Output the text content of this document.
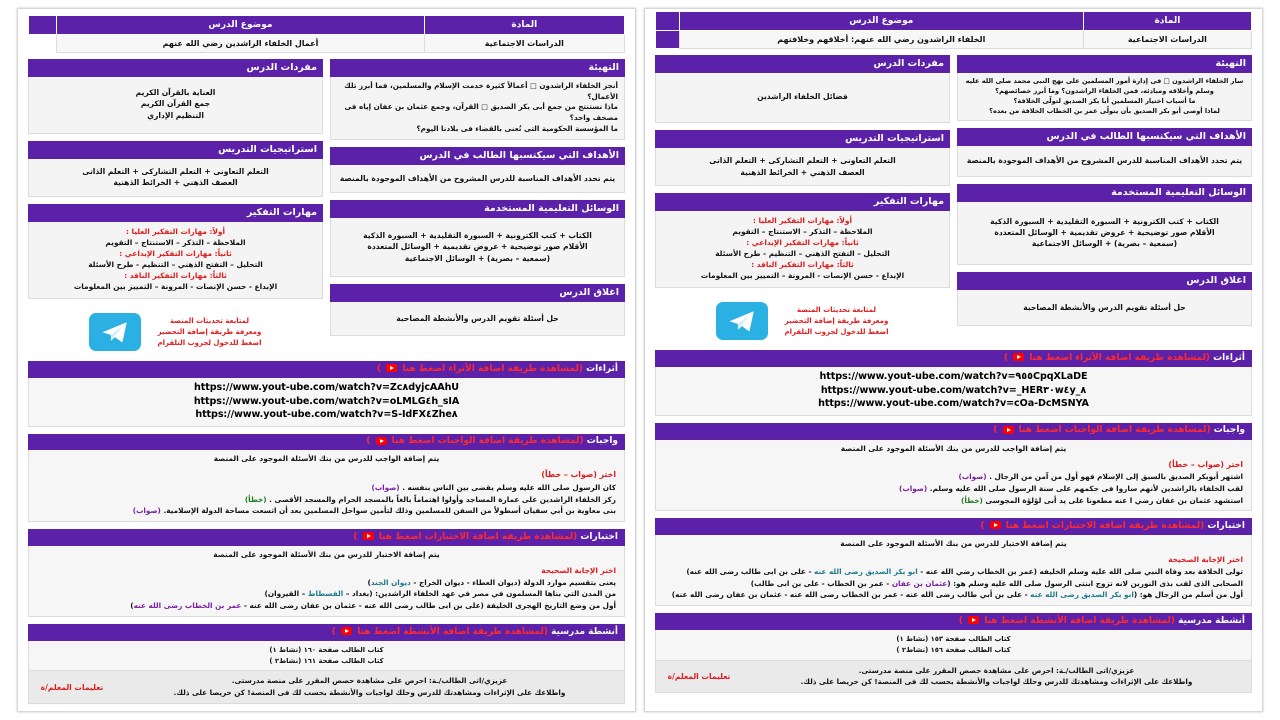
المادة	موضوع الدرس	
الدراسات الاجتماعية	أعمال الخلفاء الراشدين رضي الله عنهم	
التهيئة
أنجز الخلفاء الراشدون □ أعمالاً كثيرة خدمت الإسلام والمسلمين، فما أبرز تلك الأعمال؟
ماذا نستنتج من جمع أبى بكر الصديق □ القرآن، وجمع عثمان بن عفان إياه فى مصحف واحد؟
ما المؤسسة الحكومية التى تُعنى بالقضاء فى بلادنا اليوم؟
الأهداف التي سيكتسبها الطالب في الدرس
يتم تحدد الأهداف المناسبة للدرس المشروح من الأهداف الموجودة بالمنصة
الوسائل التعليمية المستخدمة
الكتاب + كتب الكترونية + السبورة التقليدية + السبورة الذكية
الأقلام صور توضيحية + عروض تقديمية + الوسائل المتعددة
(سمعية – بصرية) + الوسائل الاجتماعية
اغلاق الدرس
حل أسئلة تقويم الدرس والأنشطة المصاحبة
مفردات الدرس
العناية بالقرآن الكريم
جمع القرآن الكريم
التنظيم الإداري
استراتيجيات التدريس
التعلم التعاونى + التعلم التشاركى + التعلم الذاتى
العصف الذهني + الخرائط الذهنية
مهارات التفكير
أولاً: مهارات التفكير العليا :
الملاحظة – التذكر – الاستنتاج – التقويم
ثانياً: مهارات التفكير الإبداعي :
التحليل – التفتح الذهني – التنظيم - طرح الأسئلة
ثالثاً: مهارات التفكير الناقد :
الإبداع - حسن الإنصات - المرونة – التمييز بين المعلومات
لمتابعة تحديثات المنصة
ومعرفة طريقة إضافة التحضير
اضغط للدخول لجروب التلقرام
أثراءات (لمشاهدة طريقة اضافة الأثراء اضغط هنا  )
https://www.yout-ube.com/watch?v=Zc٨dyjcAAhU
https://www.yout-ube.com/watch?v=oLMLG٤h_sIA
https://www.yout-ube.com/watch?v=S-IdFX٤Zhe٨
واجبات (لمشاهدة طريقة اضافة الواجبات اضغط هنا  )
يتم إضافة الواجب للدرس من بنك الأسئلة الموجود على المنصة
اختر (صواب – خطأ)
كان الرسول صلى الله عليه وسلم يقضى بين الناس بنفسه . (صواب)
ركز الخلفاء الراشدين على عمارة المساجد وأولوا اهتماماً بالغاً بالمسجد الحرام والمسجد الأقصى . (خطأ)
بنى معاوية بن أبي سفيان أسطولاً من السفن للمسلمين وذلك لتأمين سواحل المسلمين بعد أن اتسعت مساحة الدولة الإسلامية. (صواب)
اختبارات (لمشاهدة طريقة اضافة الاختبارات اضغط هنا  )
يتم إضافة الاختبار للدرس من بنك الأسئلة الموجود على المنصة
اختر الإجابة الصحيحة
يعنى بتقسيم موارد الدولة (ديوان العطاء - ديوان الخراج - ديوان الجند)
من المدن التي بناها المسلمون في مصر في عهد الخلفاء الراشدين: (بغداد – الفسطاط – القيروان)
أول من وضع التاريخ الهجرى الخليفة (على بن ابى طالب رضى الله عنه - عثمان بن عفان رضى الله عنه - عمر بن الخطاب رضى الله عنه)
أنشطة مدرسية (لمشاهدة طريقة اضافة الأنشطة اضغط هنا  )
كتاب الطالب صفحة ١٦٠ (نشاط ١)
كتاب الطالب صفحة ١٦١ (نشاط٢ )
تعليمات المعلم/ة
عزيزي/اتى الطالب/ـة: احرص على مشاهدة حصص المقرر على منصة مدرستى.
واطلاعك على الإثراءات ومشاهدتك للدرس وحلك لواجبات والأنشطة بحسب لك فى المنصة! كن حريصا على ذلك.
المادة	موضوع الدرس	
الدراسات الاجتماعية	الخلفاء الراشدون رضي الله عنهم: أخلاقهم وخلافتهم	
التهيئة
سار الخلفاء الراشدون □ فى إدارة أمور المسلمين على نهج النبى محمد صلى الله عليه وسلم وأخلاقه ومبادئه، فمن الخلفاء الراشدون؟ وما أبرز خصائصهم؟
ما أسباب اختيار المسلمين أبا بكر الصديق لتولّى الخلافة؟
لماذا أوصى أبو بكر الصديق بأن يتولّى عمر بن الخطاب الخلافة من بعده؟
الأهداف التي سيكتسبها الطالب في الدرس
يتم تحدد الأهداف المناسبة للدرس المشروح من الأهداف الموجودة بالمنصة
الوسائل التعليمية المستخدمة
الكتاب + كتب الكترونية + السبورة التقليدية + السبورة الذكية
الأقلام صور توضيحية + عروض تقديمية + الوسائل المتعددة
(سمعية – بصرية) + الوسائل الاجتماعية
اغلاق الدرس
حل أسئلة تقويم الدرس والأنشطة المصاحبة
مفردات الدرس
فضائل الخلفاء الراشدين
استراتيجيات التدريس
التعلم التعاونى + التعلم التشاركى + التعلم الذاتى
العصف الذهني + الخرائط الذهنية
مهارات التفكير
أولاً: مهارات التفكير العليا :
الملاحظة – التذكر – الاستنتاج – التقويم
ثانياً: مهارات التفكير الإبداعي :
التحليل – التفتح الذهني – التنظيم - طرح الأسئلة
ثالثاً: مهارات التفكير الناقد :
الإبداع - حسن الإنصات - المرونة – التمييز بين المعلومات
لمتابعة تحديثات المنصة
ومعرفة طريقة إضافة التحضير
اضغط للدخول لجروب التلقرام
أثراءات (لمشاهدة طريقة اضافة الأثراء اضغط هنا  )
https://www.yout-ube.com/watch?v=٩٥٥CpqXLaDE
https://www.yout-ube.com/watch?v=_HER٣٠w٤y_٨
https://www.yout-ube.com/watch?v=cOa-DcMSNYA
واجبات (لمشاهدة طريقة اضافة الواجبات اضغط هنا  )
يتم إضافة الواجب للدرس من بنك الأسئلة الموجود على المنصة
اختر (صواب – خطأ)
اشتهر أبوبكر الصديق بالسبق إلى الإسلام فهو أول من آمن من الرجال . (صواب)
لقب الخلفاء بالراشدين لأنهم ساروا فى حكمهم على سنة الرسول صلى الله عليه وسلم. (صواب)
استشهد عثمان بن عفان رضي ا عنه مطعونا على يد أبى لؤلؤة المجوسى (خطأ)
اختبارات (لمشاهدة طريقة اضافة الاختبارات اضغط هنا  )
يتم إضافة الاختبار للدرس من بنك الأسئلة الموجود على المنصة
اختر الإجابة الصحيحة
تولى الخلافة بعد وفاة النبي صلى الله عليه وسلم الخليفه (عمر بن الخطاب رضي الله عنه - ابو بكر الصديق رضى الله عنه - على بن ابى طالب رضى الله عنه)
الصحابى الذى لقب بذى النورين لانه تزوج ابنتى الرسول صلى الله عليه وسلم هو: (عثمان بن عفان - عمر بن الخطاب - على بن ابى طالب)
أول من أسلم من الرجال هو: (ابو بكر الصديق رضى الله عنه - على بن أبي طالب رضى الله عنه - عمر بن الخطاب رضى الله عنه - عثمان بن عفان رضى الله عنه)
أنشطة مدرسية (لمشاهدة طريقة اضافة الأنشطة اضغط هنا  )
كتاب الطالب صفحة ١٥٣ (نشاط ١)
كتاب الطالب صفحة ١٥٦ (نشاط٢ )
تعليمات المعلم/ة
عزيزي/اتى الطالب/ـة: احرص على مشاهدة حصص المقرر على منصة مدرستى.
واطلاعك على الإثراءات ومشاهدتك للدرس وحلك لواجبات والأنشطة بحسب لك فى المنصة! كن حريصا على ذلك.
